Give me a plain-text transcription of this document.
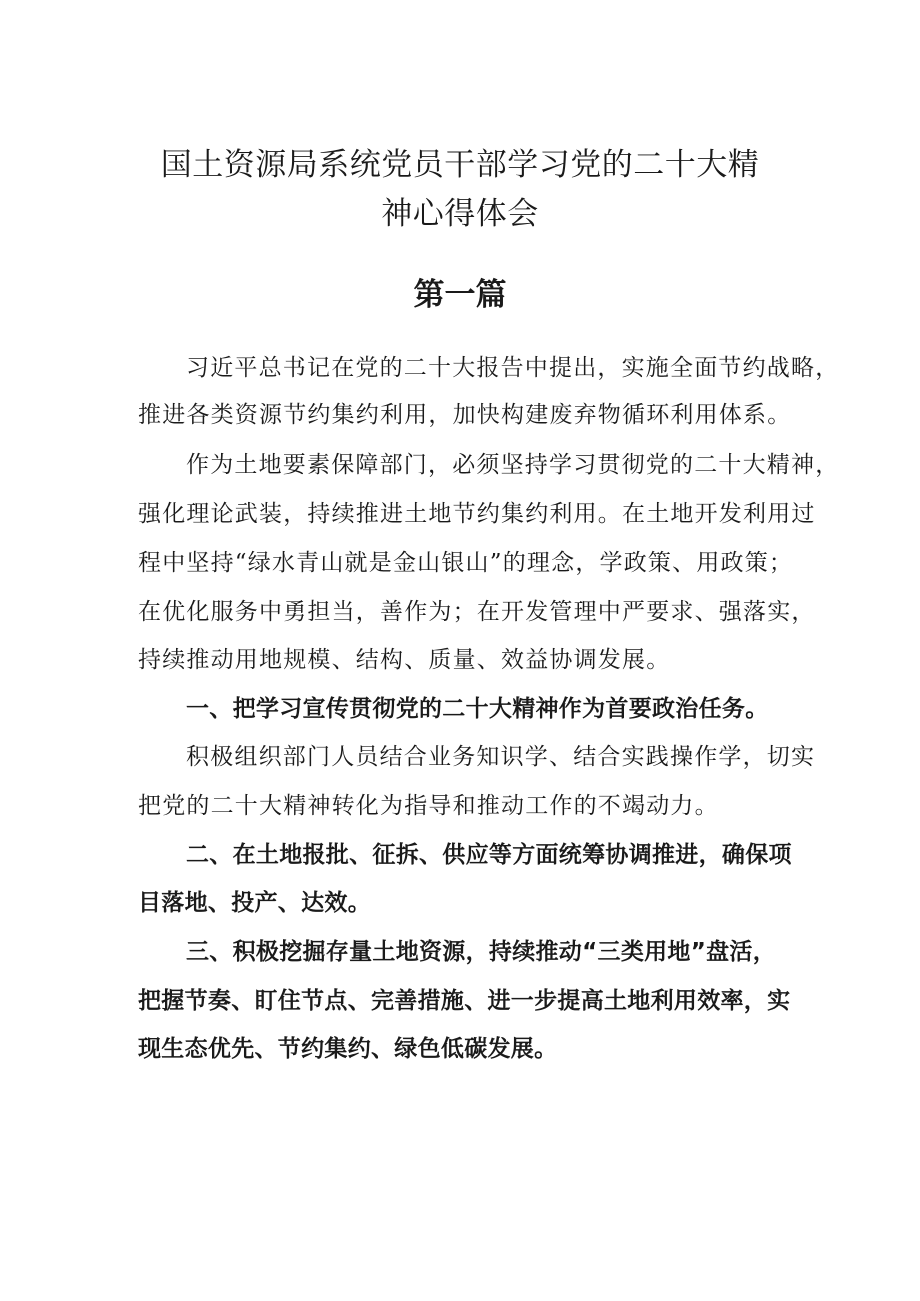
国土资源局系统党员干部学习党的二十大精
神心得体会
第一篇
习近平总书记在党的二十大报告中提出，实施全面节约战略，
推进各类资源节约集约利用，加快构建废弃物循环利用体系。
作为土地要素保障部门，必须坚持学习贯彻党的二十大精神，
强化理论武装，持续推进土地节约集约利用。在土地开发利用过
程中坚持“绿水青山就是金山银山”的理念，学政策、用政策；
在优化服务中勇担当，善作为；在开发管理中严要求、强落实，
持续推动用地规模、结构、质量、效益协调发展。
一、把学习宣传贯彻党的二十大精神作为首要政治任务。
积极组织部门人员结合业务知识学、结合实践操作学，切实
把党的二十大精神转化为指导和推动工作的不竭动力。
二、在土地报批、征拆、供应等方面统筹协调推进，确保项
目落地、投产、达效。
三、积极挖掘存量土地资源，持续推动“三类用地”盘活，
把握节奏、盯住节点、完善措施、进一步提高土地利用效率，实
现生态优先、节约集约、绿色低碳发展。
